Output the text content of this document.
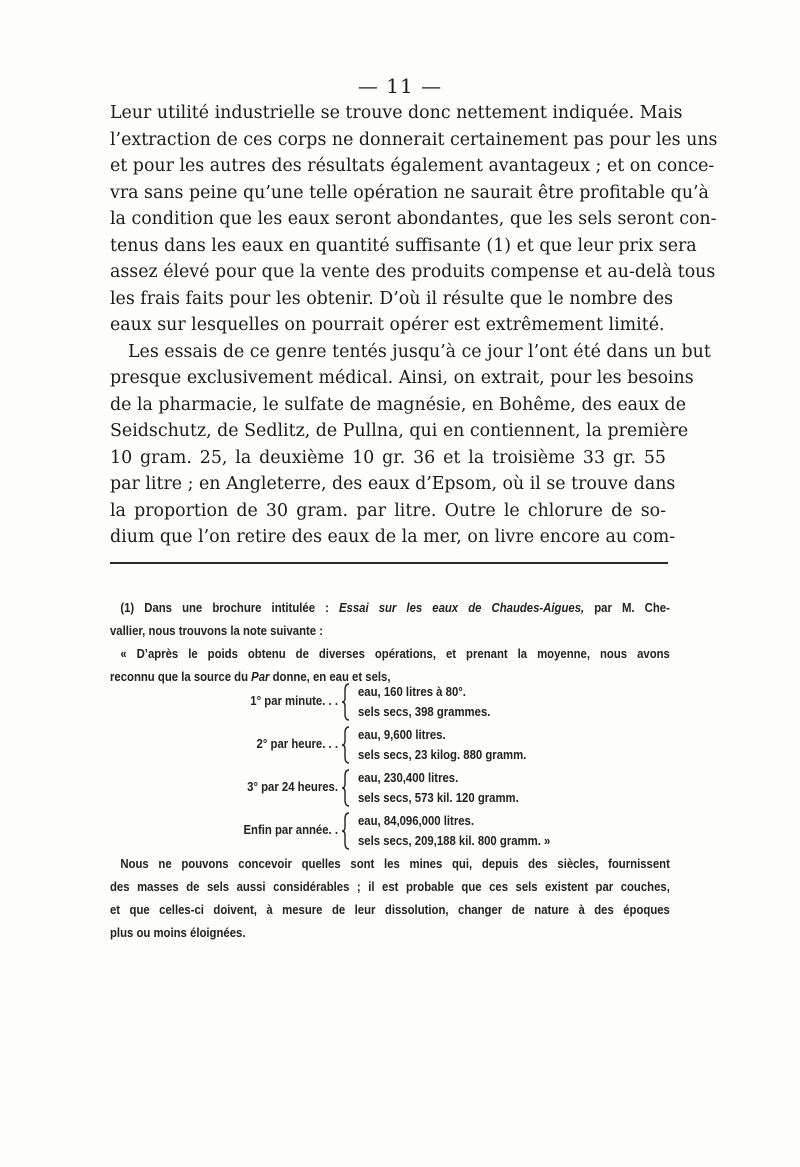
— 11 —
Leur utilité industrielle se trouve donc nettement indiquée. Mais
l’extraction de ces corps ne donnerait certainement pas pour les uns
et pour les autres des résultats également avantageux ; et on conce-
vra sans peine qu’une telle opération ne saurait être profitable qu’à
la condition que les eaux seront abondantes, que les sels seront con-
tenus dans les eaux en quantité suffisante (1) et que leur prix sera
assez élevé pour que la vente des produits compense et au-delà tous
les frais faits pour les obtenir. D’où il résulte que le nombre des
eaux sur lesquelles on pourrait opérer est extrêmement limité.
Les essais de ce genre tentés jusqu’à ce jour l’ont été dans un but
presque exclusivement médical. Ainsi, on extrait, pour les besoins
de la pharmacie, le sulfate de magnésie, en Bohême, des eaux de
Seidschutz, de Sedlitz, de Pullna, qui en contiennent, la première
10 gram. 25, la deuxième 10 gr. 36 et la troisième 33 gr. 55
par litre ; en Angleterre, des eaux d’Epsom, où il se trouve dans
la proportion de 30 gram. par litre. Outre le chlorure de so-
dium que l’on retire des eaux de la mer, on livre encore au com-
(1) Dans une brochure intitulée : Essai sur les eaux de Chaudes-Aigues, par M. Che-
vallier, nous trouvons la note suivante :
« D’après le poids obtenu de diverses opérations, et prenant la moyenne, nous avons
reconnu que la source du Par donne, en eau et sels,
1° par minute. . .
eau, 160 litres à 80°.
sels secs, 398 grammes.
2° par heure. . .
eau, 9,600 litres.
sels secs, 23 kilog. 880 gramm.
3° par 24 heures.
eau, 230,400 litres.
sels secs, 573 kil. 120 gramm.
Enfin par année. .
eau, 84,096,000 litres.
sels secs, 209,188 kil. 800 gramm. »
Nous ne pouvons concevoir quelles sont les mines qui, depuis des siècles, fournissent
des masses de sels aussi considérables ; il est probable que ces sels existent par couches,
et que celles-ci doivent, à mesure de leur dissolution, changer de nature à des époques
plus ou moins éloignées.
